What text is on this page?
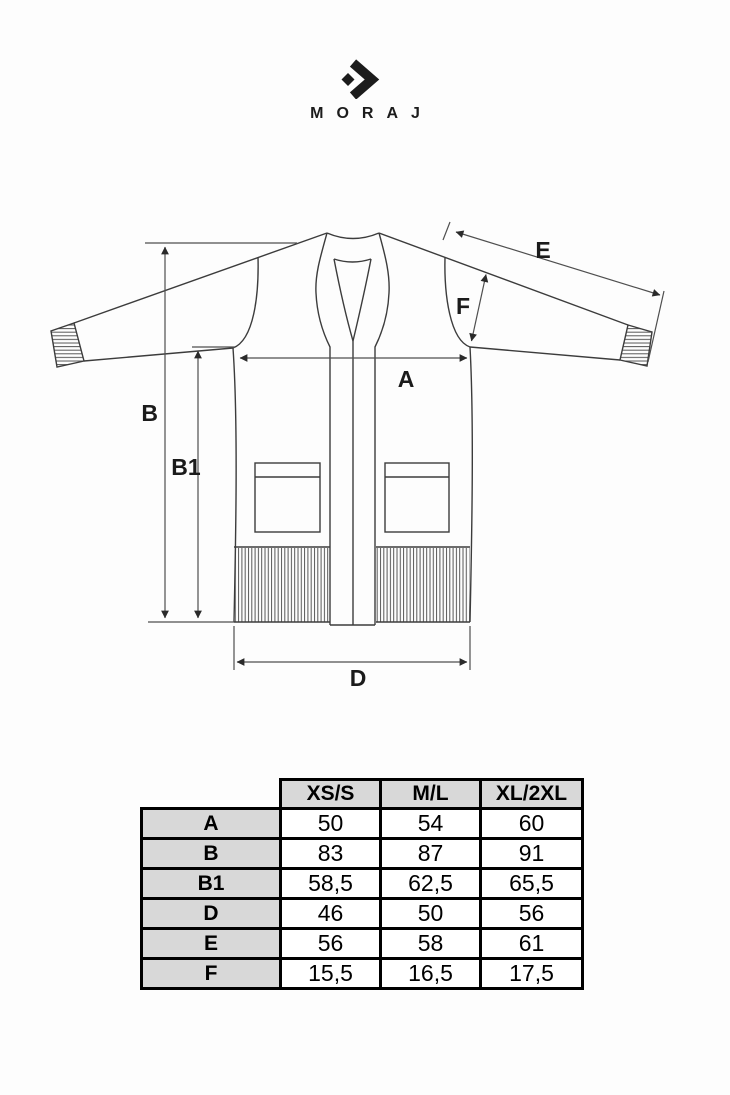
MORAJ
B
B1
A
D
E
F
	XS/S	M/L	XL/2XL
A	50	54	60
B	83	87	91
B1	58,5	62,5	65,5
D	46	50	56
E	56	58	61
F	15,5	16,5	17,5
